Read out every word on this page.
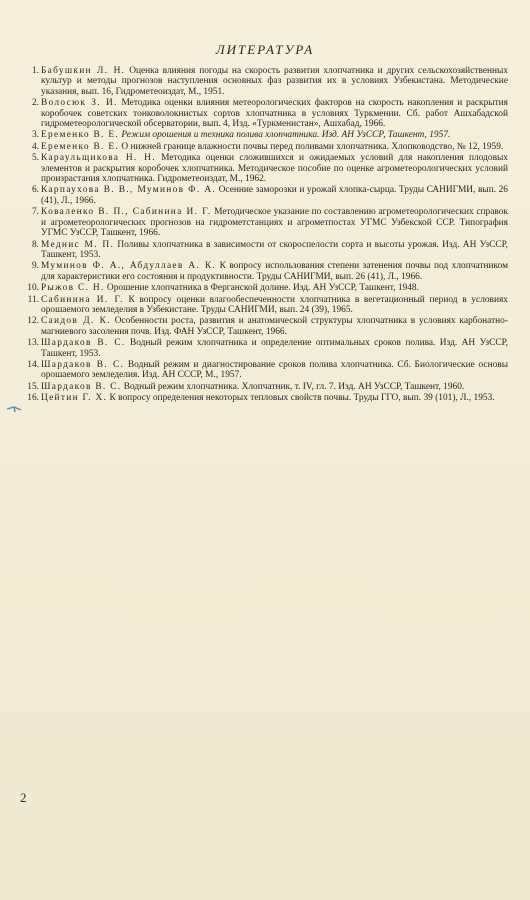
ЛИТЕРАТУРА
1. Бабушкин Л. Н. Оценка влияния погоды на скорость развития хлопчатника и других сельскохозяйственных культур и методы прогнозов наступления основных фаз развития их в условиях Узбекистана. Методические указания, вып. 16, Гидрометеоиздат, М., 1951.
2. Волосюк З. И. Методика оценки влияния метеорологических факторов на скорость накопления и раскрытия коробочек советских тонковолокнистых сортов хлопчатника в условиях Туркмении. Сб. работ Ашхабадской гидрометеорологической обсерватории, вып. 4, Изд. «Туркменистан», Ашхабад, 1966.
3. Еременко В. Е. Режим орошения и техника полива хлопчатника. Изд. АН УзССР, Ташкент, 1957.
4. Еременко В. Е. О нижней границе влажности почвы перед поливами хлопчатника. Хлопководство, № 12, 1959.
5. Караульщикова Н. Н. Методика оценки сложившихся и ожидаемых условий для накопления плодовых элементов и раскрытия коробочек хлопчатника. Методическое пособие по оценке агрометеорологических условий произрастания хлопчатника. Гидрометеоиздат, М., 1962.
6. Карпаухова В. В., Муминов Ф. А. Осенние заморозки и урожай хлопка-сырца. Труды САНИГМИ, вып. 26 (41), Л., 1966.
7. Коваленко В. П., Сабинина И. Г. Методическое указание по составлению агрометеорологических справок и агрометеорологических прогнозов на гидрометстанциях и агрометпостах УГМС Узбекской ССР. Типография УГМС УзССР, Ташкент, 1966.
8. Меднис М. П. Поливы хлопчатника в зависимости от скороспелости сорта и высоты урожая. Изд. АН УзССР, Ташкент, 1953.
9. Муминов Ф. А., Абдуллаев А. К. К вопросу использования степени затенения почвы под хлопчатником для характеристики его состояния и продуктивности. Труды САНИГМИ, вып. 26 (41), Л., 1966.
10. Рыжов С. Н. Орошение хлопчатника в Ферганской долине. Изд. АН УзССР, Ташкент, 1948.
11. Сабинина И. Г. К вопросу оценки влагообеспеченности хлопчатника в вегетационный период в условиях орошаемого земледелия в Узбекистане. Труды САНИГМИ, вып. 24 (39), 1965.
12. Саидов Д. К. Особенности роста, развития и анатомической структуры хлопчатника в условиях карбонатно-магниевого засоления почв. Изд. ФАН УзССР, Ташкент, 1966.
13. Шардаков В. С. Водный режим хлопчатника и определение оптимальных сроков полива. Изд. АН УзССР, Ташкент, 1953.
14. Шардаков В. С. Водный режим и диагностирование сроков полива хлопчатника. Сб. Биологические основы орошаемого земледелия. Изд. АН СССР, М., 1957.
15. Шардаков В. С. Водный режим хлопчатника. Хлопчатник, т. IV, гл. 7. Изд. АН УзССР, Ташкент, 1960.
16. Цейтин Г. Х. К вопросу определения некоторых тепловых свойств почвы. Труды ГГО, вып. 39 (101), Л., 1953.
2
